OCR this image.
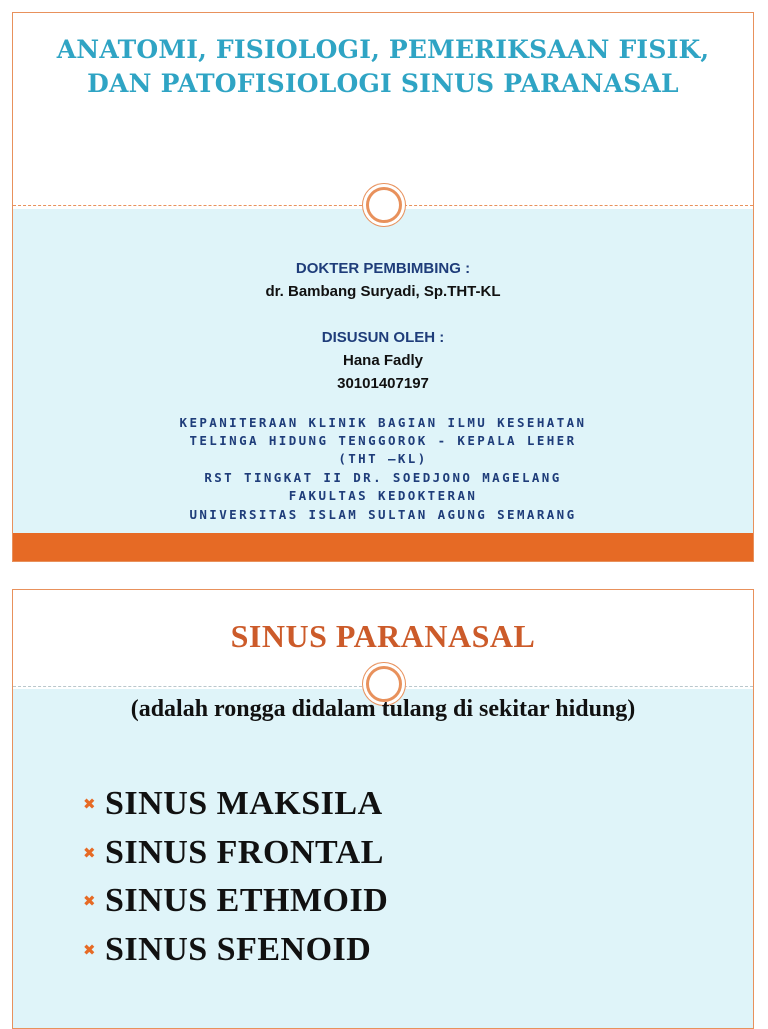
ANATOMI, FISIOLOGI, PEMERIKSAAN FISIK, DAN PATOFISIOLOGI SINUS PARANASAL
DOKTER PEMBIMBING :
dr. Bambang Suryadi, Sp.THT-KL
DISUSUN OLEH :
Hana Fadly
30101407197
KEPANITERAAN KLINIK BAGIAN ILMU KESEHATAN
TELINGA HIDUNG TENGGOROK - KEPALA LEHER
(THT –KL)
RST TINGKAT II DR. SOEDJONO MAGELANG
FAKULTAS KEDOKTERAN
UNIVERSITAS ISLAM SULTAN AGUNG SEMARANG
SINUS PARANASAL
(adalah rongga didalam tulang di sekitar hidung)
✖ SINUS MAKSILA
✖ SINUS FRONTAL
✖ SINUS ETHMOID
✖ SINUS SFENOID
